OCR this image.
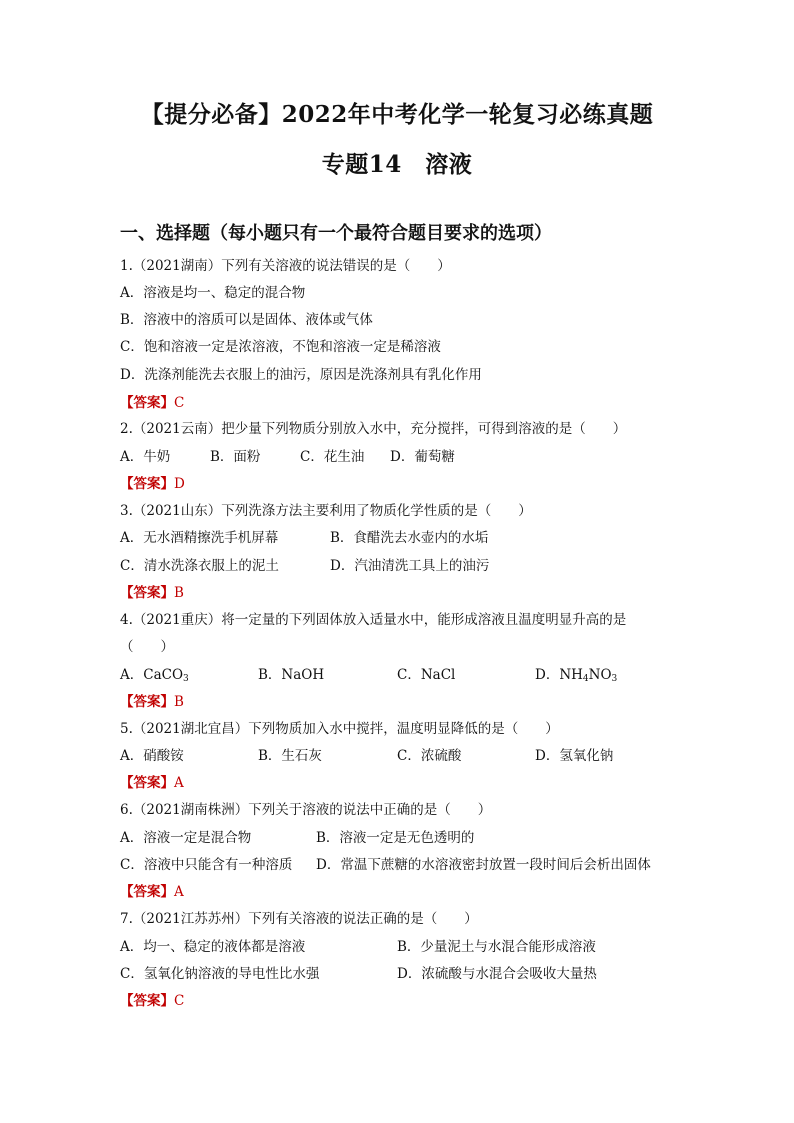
【提分必备】2022年中考化学一轮复习必练真题
专题14　溶液
一、选择题（每小题只有一个最符合题目要求的选项）
1.（2021湖南）下列有关溶液的说法错误的是（　　）
A．溶液是均一、稳定的混合物
B．溶液中的溶质可以是固体、液体或气体
C．饱和溶液一定是浓溶液，不饱和溶液一定是稀溶液
D．洗涤剂能洗去衣服上的油污，原因是洗涤剂具有乳化作用
【答案】C
2.（2021云南）把少量下列物质分别放入水中，充分搅拌，可得到溶液的是（　　）
A．牛奶	B．面粉	C．花生油 D．葡萄糖
【答案】D
3.（2021山东）下列洗涤方法主要利用了物质化学性质的是（　　）
A．无水酒精擦洗手机屏幕	B．食醋洗去水壶内的水垢
C．清水洗涤衣服上的泥土	D．汽油清洗工具上的油污
【答案】B
4.（2021重庆）将一定量的下列固体放入适量水中，能形成溶液且温度明显升高的是
（　　）
A．CaCO$_3$	B．NaOH	C．NaCl	D．$NH_4NO_3$
【答案】B
5.（2021湖北宜昌）下列物质加入水中搅拌，温度明显降低的是（　　）
A．硝酸铵	B．生石灰	C．浓硫酸	D．氢氧化钠
【答案】A
6.（2021湖南株洲）下列关于溶液的说法中正确的是（　　）
A．溶液一定是混合物	B．溶液一定是无色透明的
C．溶液中只能含有一种溶质 D．常温下蔗糖的水溶液密封放置一段时间后会析出固体
【答案】A
7.（2021江苏苏州）下列有关溶液的说法正确的是（　　）
A．均一、稳定的液体都是溶液	B．少量泥土与水混合能形成溶液
C．氢氧化钠溶液的导电性比水强	D．浓硫酸与水混合会吸收大量热
【答案】C
